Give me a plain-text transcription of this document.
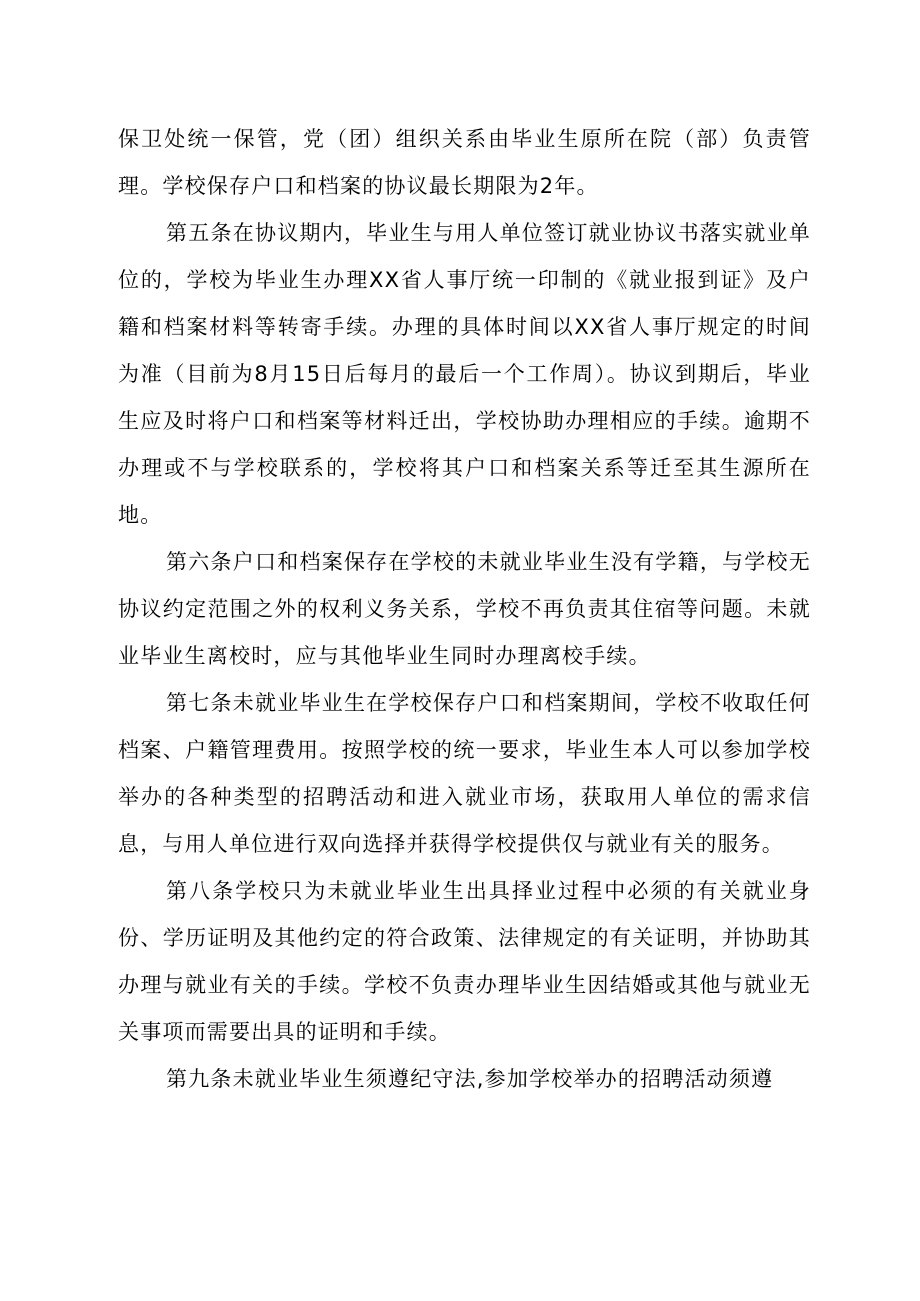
保卫处统一保管，党（团）组织关系由毕业生原所在院（部）负责管理。学校保存户口和档案的协议最长期限为2年。

第五条在协议期内，毕业生与用人单位签订就业协议书落实就业单位的，学校为毕业生办理XX省人事厅统一印制的《就业报到证》及户籍和档案材料等转寄手续。办理的具体时间以XX省人事厅规定的时间为准（目前为8月15日后每月的最后一个工作周）。协议到期后，毕业生应及时将户口和档案等材料迁出，学校协助办理相应的手续。逾期不办理或不与学校联系的，学校将其户口和档案关系等迁至其生源所在地。

第六条户口和档案保存在学校的未就业毕业生没有学籍，与学校无协议约定范围之外的权利义务关系，学校不再负责其住宿等问题。未就业毕业生离校时，应与其他毕业生同时办理离校手续。

第七条未就业毕业生在学校保存户口和档案期间，学校不收取任何档案、户籍管理费用。按照学校的统一要求，毕业生本人可以参加学校举办的各种类型的招聘活动和进入就业市场，获取用人单位的需求信息，与用人单位进行双向选择并获得学校提供仅与就业有关的服务。

第八条学校只为未就业毕业生出具择业过程中必须的有关就业身份、学历证明及其他约定的符合政策、法律规定的有关证明，并协助其办理与就业有关的手续。学校不负责办理毕业生因结婚或其他与就业无关事项而需要出具的证明和手续。

第九条未就业毕业生须遵纪守法,参加学校举办的招聘活动须遵
